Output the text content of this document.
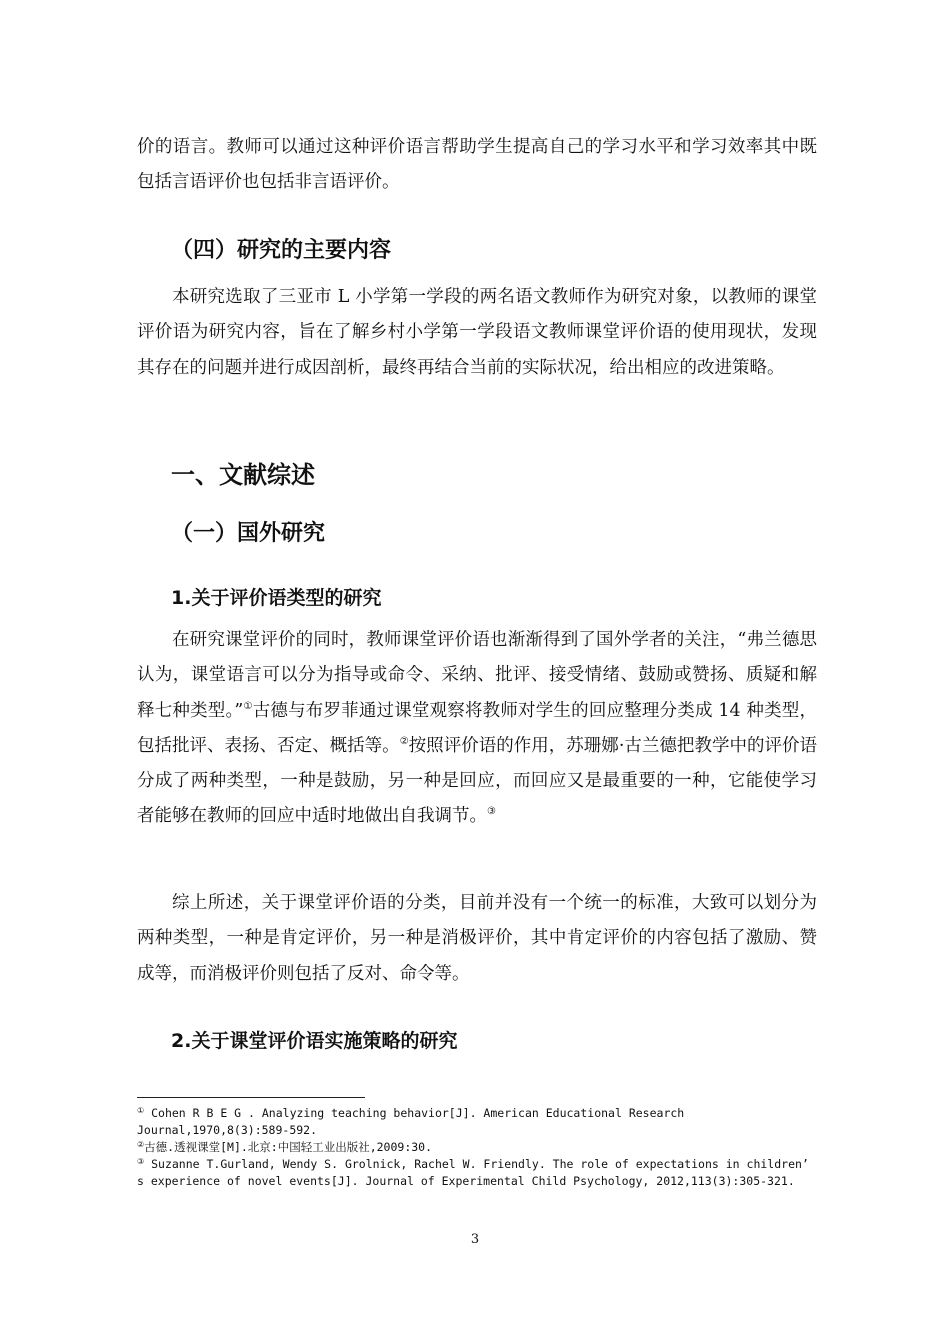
价的语言。教师可以通过这种评价语言帮助学生提高自己的学习水平和学习效率其中既包括言语评价也包括非言语评价。

（四）研究的主要内容

本研究选取了三亚市 L 小学第一学段的两名语文教师作为研究对象，以教师的课堂评价语为研究内容，旨在了解乡村小学第一学段语文教师课堂评价语的使用现状，发现其存在的问题并进行成因剖析，最终再结合当前的实际状况，给出相应的改进策略。

一、文献综述
（一）国外研究
1.关于评价语类型的研究

在研究课堂评价的同时，教师课堂评价语也渐渐得到了国外学者的关注，“弗兰德思认为，课堂语言可以分为指导或命令、采纳、批评、接受情绪、鼓励或赞扬、质疑和解释七种类型。”①古德与布罗菲通过课堂观察将教师对学生的回应整理分类成 14 种类型，包括批评、表扬、否定、概括等。②按照评价语的作用，苏珊娜·古兰德把教学中的评价语分成了两种类型，一种是鼓励，另一种是回应，而回应又是最重要的一种，它能使学习者能够在教师的回应中适时地做出自我调节。③

综上所述，关于课堂评价语的分类，目前并没有一个统一的标准，大致可以划分为两种类型，一种是肯定评价，另一种是消极评价，其中肯定评价的内容包括了激励、赞成等，而消极评价则包括了反对、命令等。

2.关于课堂评价语实施策略的研究

① Cohen R B E G . Analyzing teaching behavior[J]. American Educational Research Journal,1970,8(3):589-592.

②古德.透视课堂[M].北京:中国轻工业出版社,2009:30.

③ Suzanne T.Gurland, Wendy S. Grolnick, Rachel W. Friendly. The role of expectations in children’ s experience of novel events[J]. Journal of Experimental Child Psychology, 2012,113(3):305-321.

3
